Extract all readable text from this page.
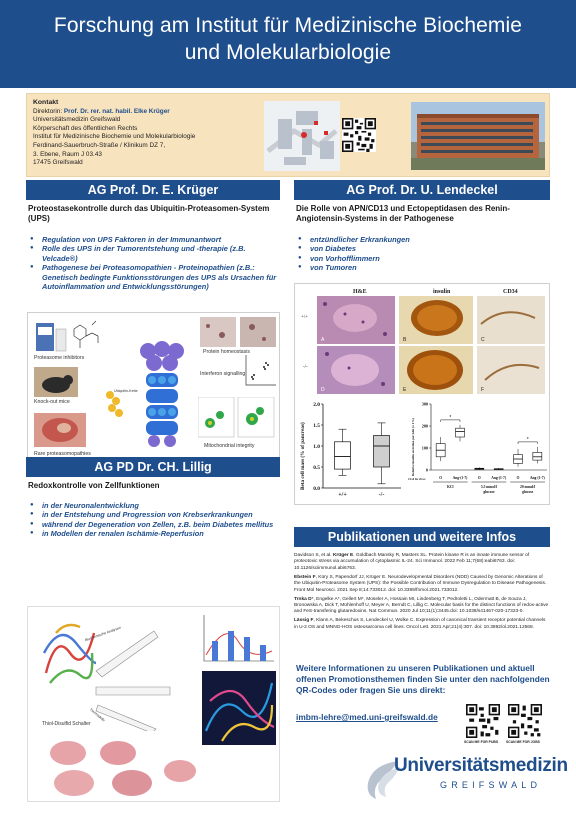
Forschung am Institut für Medizinische Biochemie
und Molekularbiologie
Kontakt
Direktorin: Prof. Dr. rer. nat. habil. Elke Krüger
Universitätsmedizin Greifswald
Körperschaft des öffentlichen Rechts
Institut für Medizinische Biochemie und Molekularbiologie
Ferdinand-Sauerbruch-Straße / Klinikum DZ 7,
3. Ebene, Raum J 03.43
17475 Greifswald
AG Prof. Dr. E. Krüger
Proteostasekontrolle durch das Ubiquitin-Proteasomen-System (UPS)
● Regulation von UPS Faktoren in der Immunantwort
● Rolle des UPS in der Tumorentstehung und -therapie (z.B. Velcade®)
● Pathogenese bei Proteasomopathien - Proteinopathien (z.B.: Genetisch bedingte Funktionsstörungen des UPS als Ursachen für Autoinflammation und Entwicklungsstörungen)
Proteasome inhibitors
Knock-out mice
Rare proteasomopathies
Ubiquitin-Kette
Protein homeostasis
Interferon signalling
Mitochondrial integrity
AG Prof. Dr. U. Lendeckel
Die Rolle von APN/CD13 und Ectopeptidasen des Renin-Angiotensin-Systems in der Pathogenese
● entzündlicher Erkrankungen
● von Diabetes
● von Vorhofflimmern
● von Tumoren
H&E	insulin	CD34
+/+
-/-
A	B	C
D	E	F
0.0
0.5
1.0
1.5
2.0
+/+	-/-
Beta cell mass (% of pancreas)	0
100
200
300
O	Ang-(1-7)	O	Ang-(1-7)	O	Ang-(1-7)
*
*
KCl	5.5 mmol/l
glucose
20 mmol/l
glucose
Relative insulin secretion per islet (x 1%)
14 d in vivo:
AG PD Dr. CH. Lillig
Redoxkontrolle von Zellfunktionen
● in der Neuronalentwicklung
● in der Entstehung und Progression von Krebserkrankungen
● während der Degeneration von Zellen, z.B. beim Diabetes mellitus
● in Modellen der renalen Ischämie-Reperfusion
Biochemische Analysen
Tiermodelle
Thiol-Disulfid Schalter
Publikationen und weitere Infos

Davidson S, et al. Krüger E. Goldbach Mansky R, Masters SL. Protein kinase R is an innate immune sensor of proteotoxic stress via accumulation of cytoplasmic IL-24. Sci Immunol. 2022 Feb 11;7(68):eabi6763. doi: 10.1126/sciimmunol.abi6763.

Ebstein F, Küry S, Papendorf JJ, Krüger E. Neurodevelopmental Disorders (NDD) Caused by Genomic Alterations of the Ubiquitin-Proteasome System (UPS): the Possible Contribution of Immune Dysregulation to Disease Pathogenesis. Front Mol Neurosci. 2021 Sep 8;14:733012. doi: 10.3389/fnmol.2021.733012.

Trnka D*, Engelke A*, Gellert M*, Moseler A, Hossain MI, Lindenberg T, Pedroletti L, Odermatt B, de Souza J, Bronowska A, Dick T, Mühlenhoff U, Meyer A, Berndt C, Lillig C. Molecular basis for the distinct functions of redox-active and FeS-transfering glutaredoxins. Nat Commun. 2020 Jul 10;11(1):3445.doi: 10.1038/s41467-020-17323-0.

Lässig F, Klann A, Bekeschus S, Lendeckel U, Wolke C. Expression of canonical transient receptor potential channels in U-2 OS and MNNG-HOS osteosarcoma cell lines. Oncol Lett. 2021 Apr;21(4):307. doi: 10.3892/ol.2021.12568.

Weitere Informationen zu unseren Publikationen und aktuell offenen Promotionsthemen finden Sie unter den nachfolgenden QR-Codes oder fragen Sie uns direkt:
imbm-lehre@med.uni-greifswald.de
SCAN ME FOR PUBS SCAN ME FOR JOBS
Universitätsmedizin
GREIFSWALD
